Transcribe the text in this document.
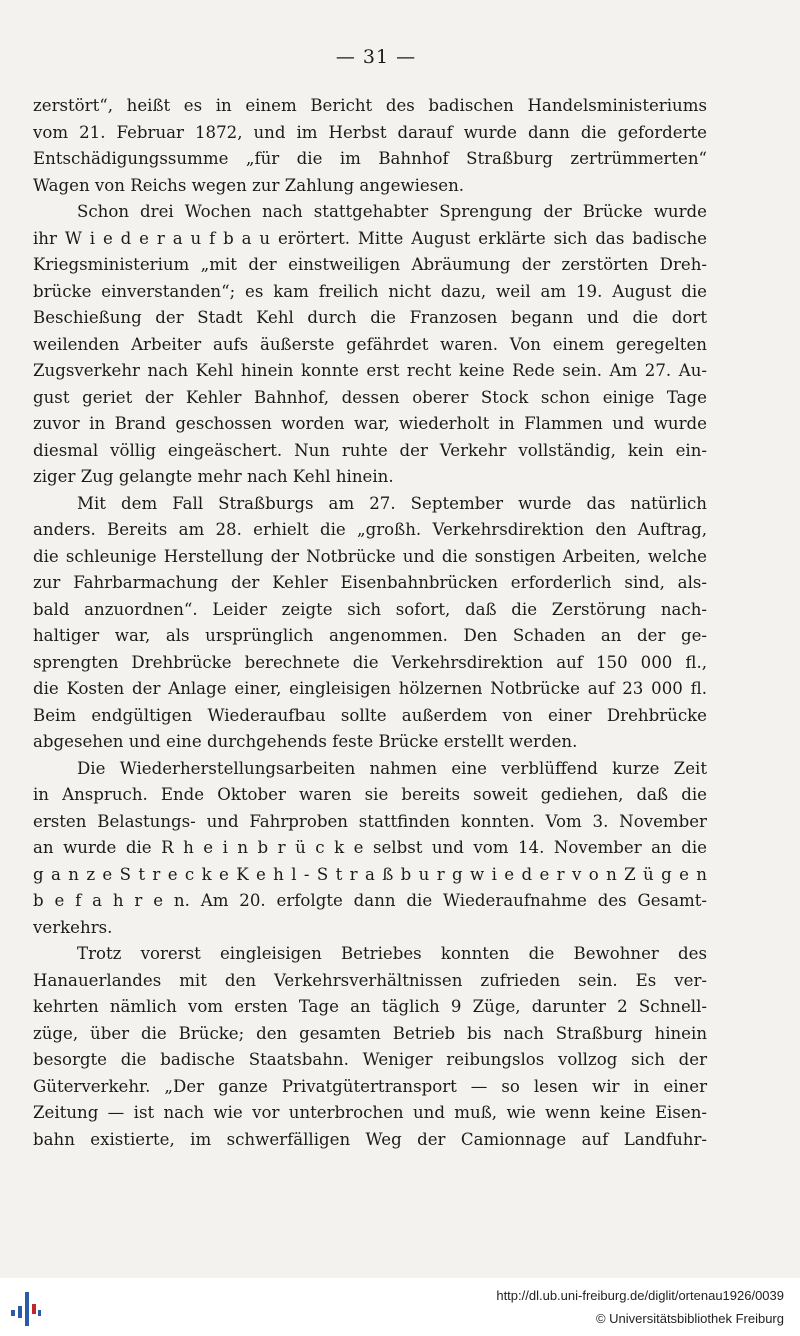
— 31 —
zerstört“, heißt es in einem Bericht des badischen Handelsministeriums
vom 21. Februar 1872, und im Herbst darauf wurde dann die geforderte
Entschädigungssumme „für die im Bahnhof Straßburg zertrümmerten“
Wagen von Reichs wegen zur Zahlung angewiesen.
Schon drei Wochen nach stattgehabter Sprengung der Brücke wurde
ihr W i e d e r a u f b a u erörtert. Mitte August erklärte sich das badische
Kriegsministerium „mit der einstweiligen Abräumung der zerstörten Dreh-
brücke einverstanden“; es kam freilich nicht dazu, weil am 19. August die
Beschießung der Stadt Kehl durch die Franzosen begann und die dort
weilenden Arbeiter aufs äußerste gefährdet waren. Von einem geregelten
Zugsverkehr nach Kehl hinein konnte erst recht keine Rede sein. Am 27. Au-
gust geriet der Kehler Bahnhof, dessen oberer Stock schon einige Tage
zuvor in Brand geschossen worden war, wiederholt in Flammen und wurde
diesmal völlig eingeäschert. Nun ruhte der Verkehr vollständig, kein ein-
ziger Zug gelangte mehr nach Kehl hinein.
Mit dem Fall Straßburgs am 27. September wurde das natürlich
anders. Bereits am 28. erhielt die „großh. Verkehrsdirektion den Auftrag,
die schleunige Herstellung der Notbrücke und die sonstigen Arbeiten, welche
zur Fahrbarmachung der Kehler Eisenbahnbrücken erforderlich sind, als-
bald anzuordnen“. Leider zeigte sich sofort, daß die Zerstörung nach-
haltiger war, als ursprünglich angenommen. Den Schaden an der ge-
sprengten Drehbrücke berechnete die Verkehrsdirektion auf 150 000 fl.,
die Kosten der Anlage einer, eingleisigen hölzernen Notbrücke auf 23 000 fl.
Beim endgültigen Wiederaufbau sollte außerdem von einer Drehbrücke
abgesehen und eine durchgehends feste Brücke erstellt werden.
Die Wiederherstellungsarbeiten nahmen eine verblüffend kurze Zeit
in Anspruch. Ende Oktober waren sie bereits soweit gediehen, daß die
ersten Belastungs- und Fahrproben stattfinden konnten. Vom 3. November
an wurde die R h e i n b r ü c k e selbst und vom 14. November an die
g a n z e S t r e c k e K e h l - S t r a ß b u r g w i e d e r v o n Z ü g e n
b e f a h r e n. Am 20. erfolgte dann die Wiederaufnahme des Gesamt-
verkehrs.
Trotz vorerst eingleisigen Betriebes konnten die Bewohner des
Hanauerlandes mit den Verkehrsverhältnissen zufrieden sein. Es ver-
kehrten nämlich vom ersten Tage an täglich 9 Züge, darunter 2 Schnell-
züge, über die Brücke; den gesamten Betrieb bis nach Straßburg hinein
besorgte die badische Staatsbahn. Weniger reibungslos vollzog sich der
Güterverkehr. „Der ganze Privatgütertransport — so lesen wir in einer
Zeitung — ist nach wie vor unterbrochen und muß, wie wenn keine Eisen-
bahn existierte, im schwerfälligen Weg der Camionnage auf Landfuhr-
http://dl.ub.uni-freiburg.de/diglit/ortenau1926/0039
© Universitätsbibliothek Freiburg
